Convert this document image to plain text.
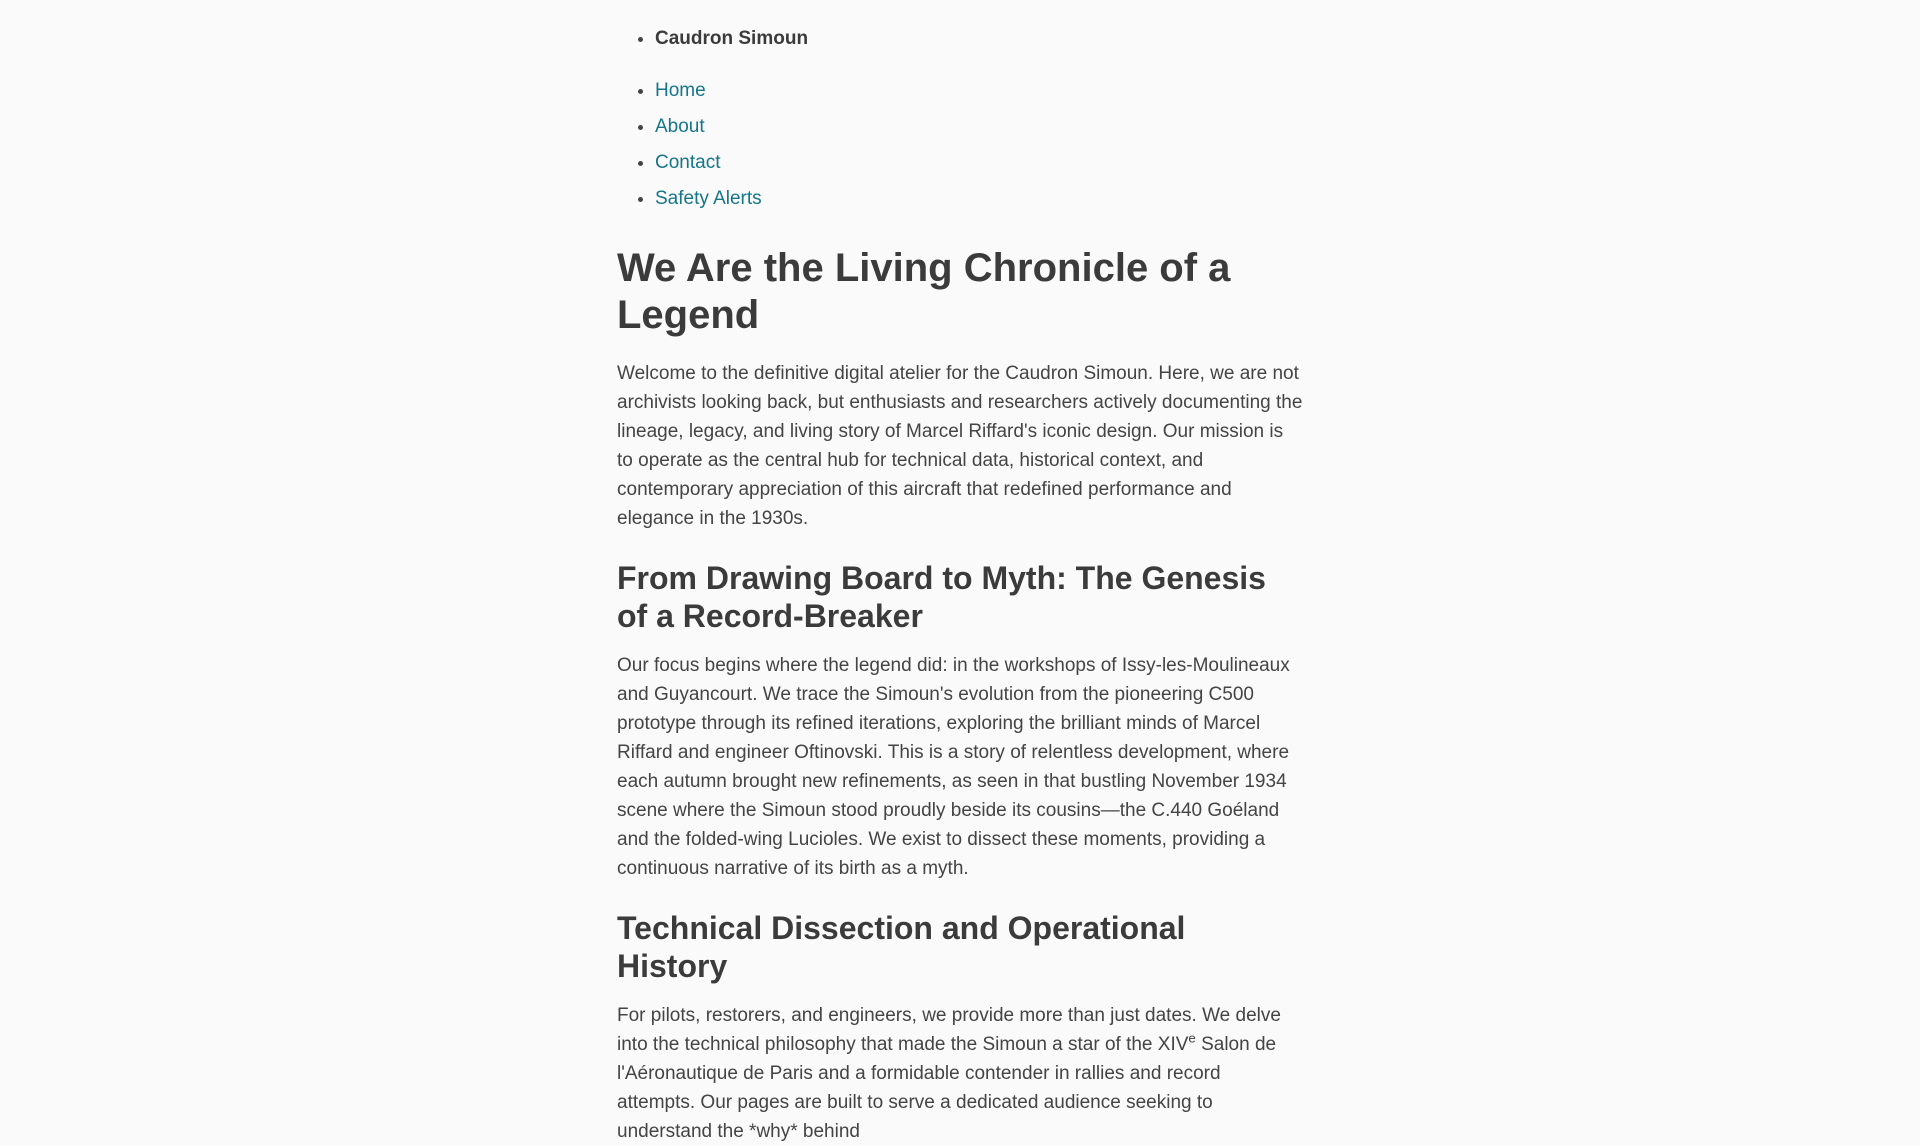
• Caudron Simoun
• Home
• About
• Contact
• Safety Alerts
We Are the Living Chronicle of a Legend

Welcome to the definitive digital atelier for the Caudron Simoun. Here, we are not archivists looking back, but enthusiasts and researchers actively documenting the lineage, legacy, and living story of Marcel Riffard's iconic design. Our mission is to operate as the central hub for technical data, historical context, and contemporary appreciation of this aircraft that redefined performance and elegance in the 1930s.

From Drawing Board to Myth: The Genesis of a Record-Breaker

Our focus begins where the legend did: in the workshops of Issy-les-Moulineaux and Guyancourt. We trace the Simoun's evolution from the pioneering C500 prototype through its refined iterations, exploring the brilliant minds of Marcel Riffard and engineer Oftinovski. This is a story of relentless development, where each autumn brought new refinements, as seen in that bustling November 1934 scene where the Simoun stood proudly beside its cousins—the C.440 Goéland and the folded-wing Lucioles. We exist to dissect these moments, providing a continuous narrative of its birth as a myth.

Technical Dissection and Operational History

For pilots, restorers, and engineers, we provide more than just dates. We delve into the technical philosophy that made the Simoun a star of the XIVe Salon de l'Aéronautique de Paris and a formidable contender in rallies and record attempts. Our pages are built to serve a dedicated audience seeking to understand the *why* behind
